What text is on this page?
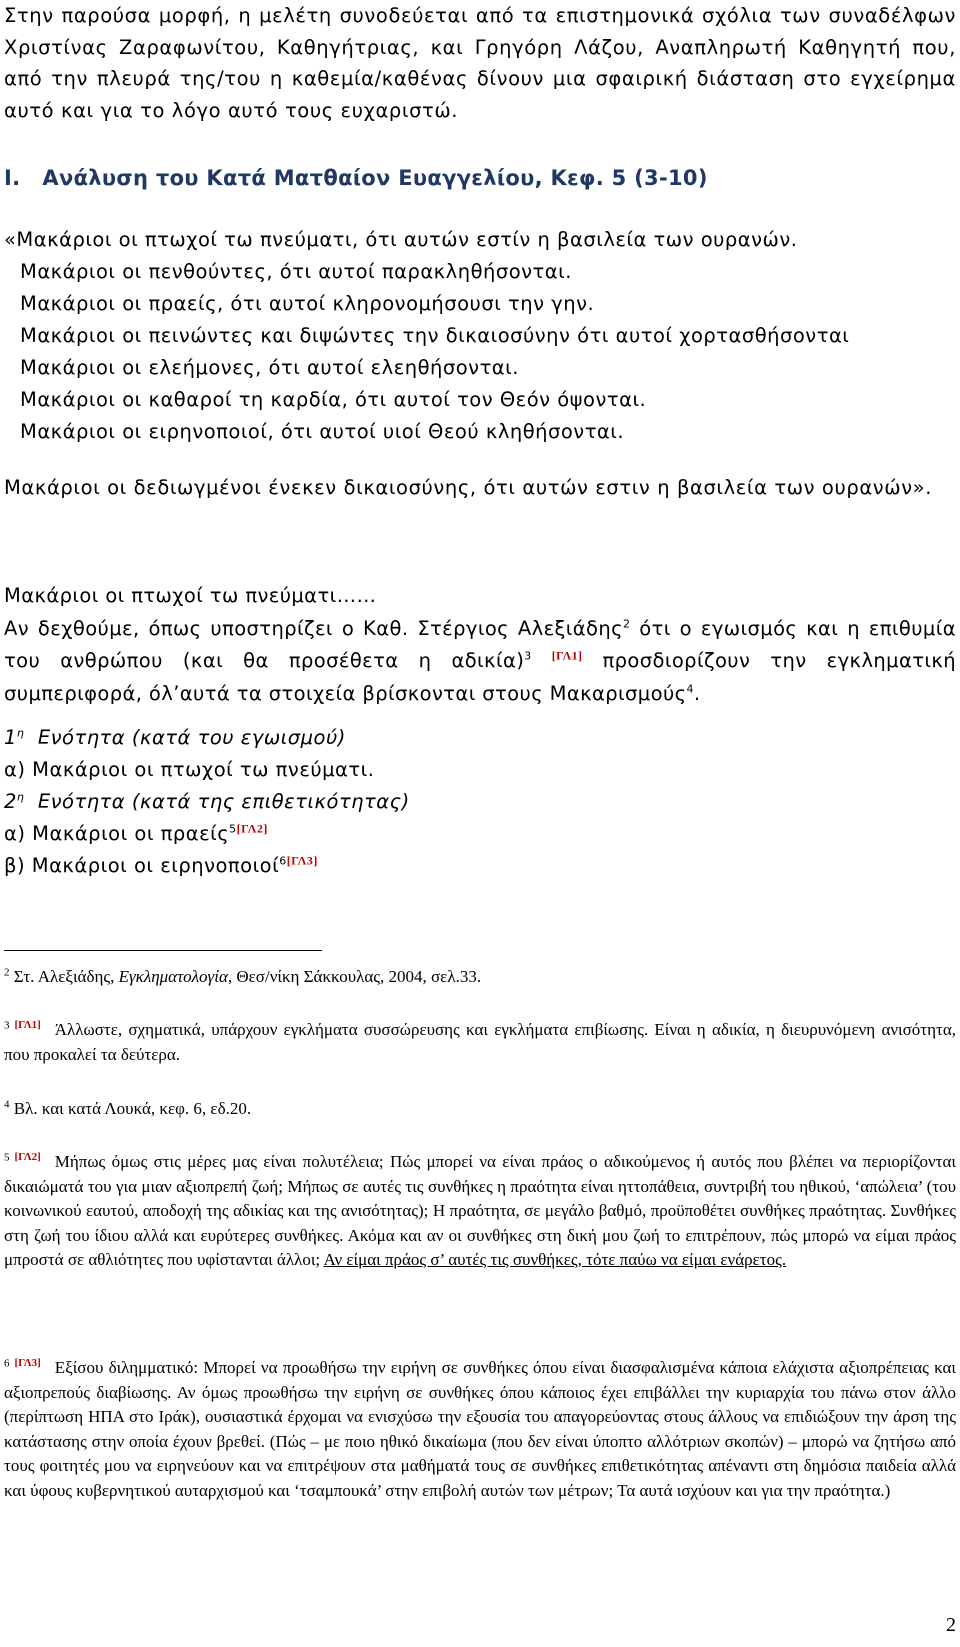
Στην παρούσα μορφή, η μελέτη συνοδεύεται από τα επιστημονικά σχόλια των συναδέλφων Χριστίνας Ζαραφωνίτου, Καθηγήτριας, και Γρηγόρη Λάζου, Αναπληρωτή Καθηγητή που, από την πλευρά της/του η καθεμία/καθένας δίνουν μια σφαιρική διάσταση στο εγχείρημα αυτό και για το λόγο αυτό τους ευχαριστώ.
I. Ανάλυση του Κατά Ματθαίον Ευαγγελίου, Κεφ. 5 (3-10)
«Μακάριοι οι πτωχοί τω πνεύματι, ότι αυτών εστίν η βασιλεία των ουρανών.
Μακάριοι οι πενθούντες, ότι αυτοί παρακληθήσονται.
Μακάριοι οι πραείς, ότι αυτοί κληρονομήσουσι την γην.
Μακάριοι οι πεινώντες και διψώντες την δικαιοσύνην ότι αυτοί χορτασθήσονται
Μακάριοι οι ελεήμονες, ότι αυτοί ελεηθήσονται.
Μακάριοι οι καθαροί τη καρδία, ότι αυτοί τον Θεόν όψονται.
Μακάριοι οι ειρηνοποιοί, ότι αυτοί υιοί Θεού κληθήσονται.
Μακάριοι οι δεδιωγμένοι ένεκεν δικαιοσύνης, ότι αυτών εστιν η βασιλεία των ουρανών».
Μακάριοι οι πτωχοί τω πνεύματι……
Αν δεχθούμε, όπως υποστηρίζει ο Καθ. Στέργιος Αλεξιάδης$^2$ ότι ο εγωισμός και η επιθυμία του ανθρώπου (και θα προσέθετα η αδικία)$^3$ [ΓΛ1] προσδιορίζουν την εγκληματική συμπεριφορά, όλ’αυτά τα στοιχεία βρίσκονται στους Μακαρισμούς$^4$.
$1^\eta$ Ενότητα (κατά του εγωισμού)
α) Μακάριοι οι πτωχοί τω πνεύματι.
$2^\eta$ Ενότητα (κατά της επιθετικότητας)
α) Μακάριοι οι πραείς$^{5[\Gamma\Lambda 2]}$
β) Μακάριοι οι ειρηνοποιοί$^{6[\Gamma\Lambda 3]}$
$^2$ Στ. Αλεξιάδης, Εγκληματολογία, Θεσ/νίκη Σάκκουλας, 2004, σελ.33.
$^3$ [ΓΛ1] Άλλωστε, σχηματικά, υπάρχουν εγκλήματα συσσώρευσης και εγκλήματα επιβίωσης. Είναι η αδικία, η διευρυνόμενη ανισότητα, που προκαλεί τα δεύτερα.
$^4$ Βλ. και κατά Λουκά, κεφ. 6, εδ.20.
$^5$ [ΓΛ2] Μήπως όμως στις μέρες μας είναι πολυτέλεια; Πώς μπορεί να είναι πράος ο αδικούμενος ή αυτός που βλέπει να περιορίζονται δικαιώματά του για μιαν αξιοπρεπή ζωή; Μήπως σε αυτές τις συνθήκες η πραότητα είναι ηττοπάθεια, συντριβή του ηθικού, ‘απώλεια’ (του κοινωνικού εαυτού, αποδοχή της αδικίας και της ανισότητας); Η πραότητα, σε μεγάλο βαθμό, προϋποθέτει συνθήκες πραότητας. Συνθήκες στη ζωή του ίδιου αλλά και ευρύτερες συνθήκες. Ακόμα και αν οι συνθήκες στη δική μου ζωή το επιτρέπουν, πώς μπορώ να είμαι πράος μπροστά σε αθλιότητες που υφίστανται άλλοι; Αν είμαι πράος σ’ αυτές τις συνθήκες, τότε παύω να είμαι ενάρετος.
$^6$ [ΓΛ3] Εξίσου διλημματικό: Μπορεί να προωθήσω την ειρήνη σε συνθήκες όπου είναι διασφαλισμένα κάποια ελάχιστα αξιοπρέπειας και αξιοπρεπούς διαβίωσης. Αν όμως προωθήσω την ειρήνη σε συνθήκες όπου κάποιος έχει επιβάλλει την κυριαρχία του πάνω στον άλλο (περίπτωση ΗΠΑ στο Ιράκ), ουσιαστικά έρχομαι να ενισχύσω την εξουσία του απαγορεύοντας στους άλλους να επιδιώξουν την άρση της κατάστασης στην οποία έχουν βρεθεί. (Πώς – με ποιο ηθικό δικαίωμα (που δεν είναι ύποπτο αλλότριων σκοπών) – μπορώ να ζητήσω από τους φοιτητές μου να ειρηνεύουν και να επιτρέψουν στα μαθήματά τους σε συνθήκες επιθετικότητας απέναντι στη δημόσια παιδεία αλλά και ύφους κυβερνητικού αυταρχισμού και ‘τσαμπουκά’ στην επιβολή αυτών των μέτρων; Τα αυτά ισχύουν και για την πραότητα.)
2
